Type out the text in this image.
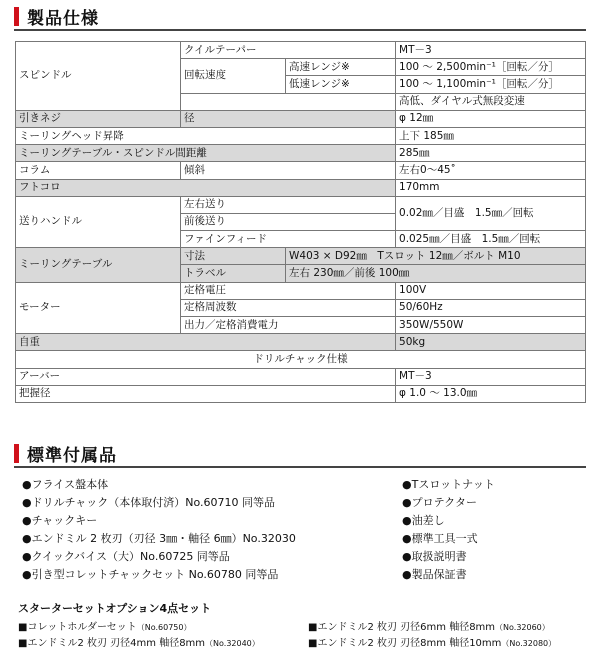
製品仕様
スピンドル	クイルテーパー		MT－3
	回転速度	高速レンジ※	100 ～ 2,500min⁻¹［回転／分］
		低速レンジ※	100 ～ 1,100min⁻¹［回転／分］
			高低、ダイヤル式無段変速
引きネジ	径		φ 12㎜
ミーリングヘッド昇降			上下 185㎜
ミーリングテーブル・スピンドル間距離			285㎜
コラム	傾斜		左右0～45˚
フトコロ			170mm
送りハンドル	左右送り		0.02㎜／目盛　1.5㎜／回転
	前後送り		
	ファインフィード		0.025㎜／目盛　1.5㎜／回転
ミーリングテーブル	寸法	W403 × D92㎜　Tスロット 12㎜／ボルト M10	
	トラベル	左右 230㎜／前後 100㎜	
モーター	定格電圧		100V
	定格周波数		50/60Hz
	出力／定格消費電力		350W/550W
自重			50kg
ドリルチャック仕様			
アーバー			MT－3
把握径			φ 1.0 ～ 13.0㎜
標準付属品
●フライス盤本体
●ドリルチャック（本体取付済）No.60710 同等品
●チャックキー
●エンドミル 2 枚刃（刃径 3㎜・軸径 6㎜）No.32030
●クイックバイス（大）No.60725 同等品
●引き型コレットチャックセット No.60780 同等品
●Tスロットナット
●プロテクター
●油差し
●標準工具一式
●取扱説明書
●製品保証書
スターターセットオプション4点セット
■コレットホルダーセット（No.60750）	■エンドミル2 枚刃 刃径6mm 軸径8mm（No.32060）
■エンドミル2 枚刃 刃径4mm 軸径8mm（No.32040）	■エンドミル2 枚刃 刃径8mm 軸径10mm（No.32080）
